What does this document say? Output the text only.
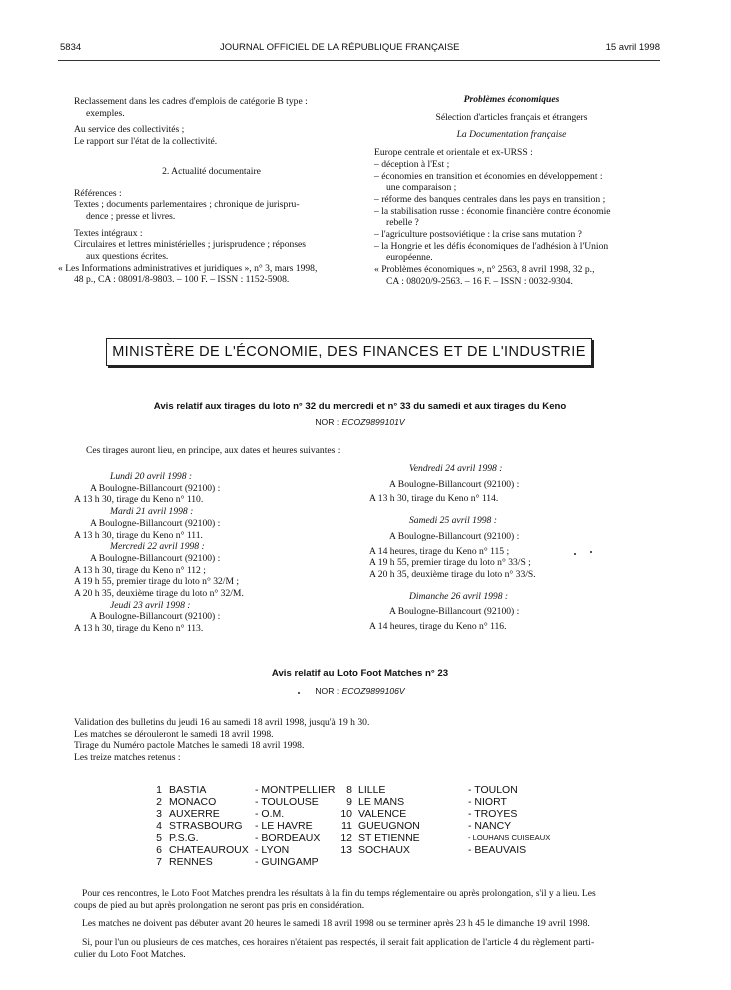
5834	JOURNAL OFFICIEL DE LA RÉPUBLIQUE FRANÇAISE	15 avril 1998

Reclassement dans les cadres d'emplois de catégorie B type :

exemples.

Au service des collectivités ;

Le rapport sur l'état de la collectivité.

2. Actualité documentaire

Références :

Textes ; documents parlementaires ; chronique de jurispru-

dence ; presse et livres.

Textes intégraux :

Circulaires et lettres ministérielles ; jurisprudence ; réponses

aux questions écrites.

« Les Informations administratives et juridiques », n° 3, mars 1998,

48 p., CA : 08091/8-9803. – 100 F. – ISSN : 1152-5908.

Problèmes économiques

Sélection d'articles français et étrangers

La Documentation française

Europe centrale et orientale et ex-URSS :

– déception à l'Est ;

– économies en transition et économies en développement :

une comparaison ;

– réforme des banques centrales dans les pays en transition ;

– la stabilisation russe : économie financière contre économie

rebelle ?

– l'agriculture postsoviétique : la crise sans mutation ?

– la Hongrie et les défis économiques de l'adhésion à l'Union

européenne.

« Problèmes économiques », n° 2563, 8 avril 1998, 32 p.,

CA : 08020/9-2563. – 16 F. – ISSN : 0032-9304.

MINISTÈRE DE L'ÉCONOMIE, DES FINANCES ET DE L'INDUSTRIE
Avis relatif aux tirages du loto n° 32 du mercredi et n° 33 du samedi et aux tirages du Keno
NOR : ECOZ9899101V
Ces tirages auront lieu, en principe, aux dates et heures suivantes :

Lundi 20 avril 1998 :

A Boulogne-Billancourt (92100) :

A 13 h 30, tirage du Keno n° 110.

Mardi 21 avril 1998 :

A Boulogne-Billancourt (92100) :

A 13 h 30, tirage du Keno n° 111.

Mercredi 22 avril 1998 :

A Boulogne-Billancourt (92100) :

A 13 h 30, tirage du Keno n° 112 ;

A 19 h 55, premier tirage du loto n° 32/M ;

A 20 h 35, deuxième tirage du loto n° 32/M.

Jeudi 23 avril 1998 :

A Boulogne-Billancourt (92100) :

A 13 h 30, tirage du Keno n° 113.

Vendredi 24 avril 1998 :

A Boulogne-Billancourt (92100) :

A 13 h 30, tirage du Keno n° 114.

Samedi 25 avril 1998 :

A Boulogne-Billancourt (92100) :

A 14 heures, tirage du Keno n° 115 ;

A 19 h 55, premier tirage du loto n° 33/S ;

A 20 h 35, deuxième tirage du loto n° 33/S.

Dimanche 26 avril 1998 :

A Boulogne-Billancourt (92100) :

A 14 heures, tirage du Keno n° 116.

Avis relatif au Loto Foot Matches n° 23
NOR : ECOZ9899106V

Validation des bulletins du jeudi 16 au samedi 18 avril 1998, jusqu'à 19 h 30.

Les matches se dérouleront le samedi 18 avril 1998.

Tirage du Numéro pactole Matches le samedi 18 avril 1998.

Les treize matches retenus :

1
2
3
4
5
6
7
BASTIA
MONACO
AUXERRE
STRASBOURG
P.S.G.
CHATEAUROUX
RENNES
- MONTPELLIER
- TOULOUSE
- O.M.
- LE HAVRE
- BORDEAUX
- LYON
- GUINGAMP
8
9
10
11
12
13
LILLE
LE MANS
VALENCE
GUEUGNON
ST ETIENNE
SOCHAUX
- TOULON
- NIORT
- TROYES
- NANCY
- LOUHANS CUISEAUX
- BEAUVAIS

Pour ces rencontres, le Loto Foot Matches prendra les résultats à la fin du temps réglementaire ou après prolongation, s'il y a lieu. Les

coups de pied au but après prolongation ne seront pas pris en considération.

Les matches ne doivent pas débuter avant 20 heures le samedi 18 avril 1998 ou se terminer après 23 h 45 le dimanche 19 avril 1998.

Si, pour l'un ou plusieurs de ces matches, ces horaires n'étaient pas respectés, il serait fait application de l'article 4 du règlement parti-

culier du Loto Foot Matches.
